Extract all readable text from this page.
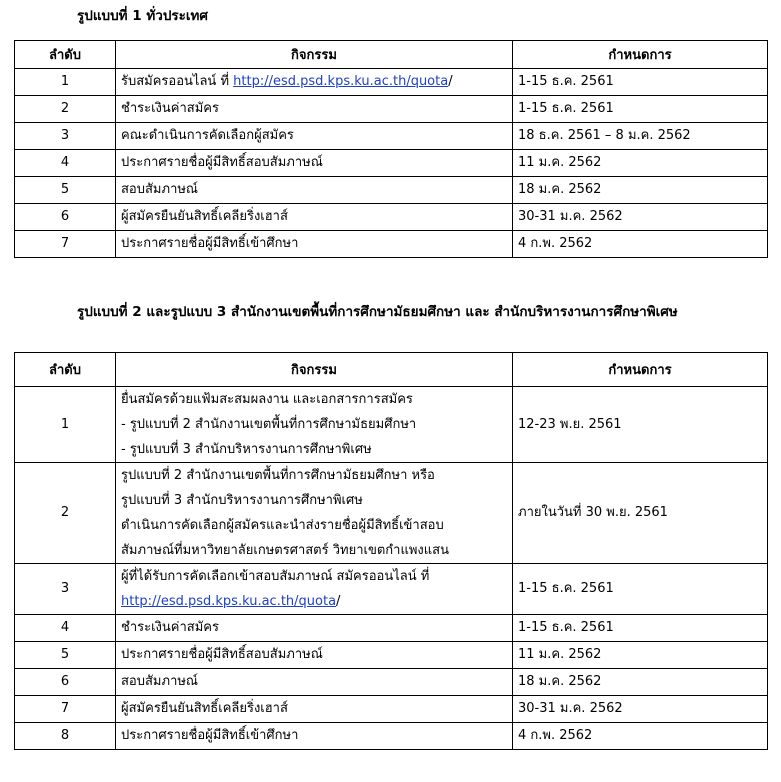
รูปแบบที่ 1 ทั่วประเทศ
ลำดับ	กิจกรรม	กำหนดการ
1	รับสมัครออนไลน์ ที่ http://esd.psd.kps.ku.ac.th/quota/	1-15 ธ.ค. 2561
2	ชำระเงินค่าสมัคร	1-15 ธ.ค. 2561
3	คณะดำเนินการคัดเลือกผู้สมัคร	18 ธ.ค. 2561 – 8 ม.ค. 2562
4	ประกาศรายชื่อผู้มีสิทธิ์สอบสัมภาษณ์	11 ม.ค. 2562
5	สอบสัมภาษณ์	18 ม.ค. 2562
6	ผู้สมัครยืนยันสิทธิ์เคลียริ่งเฮาส์	30-31 ม.ค. 2562
7	ประกาศรายชื่อผู้มีสิทธิ์เข้าศึกษา	4 ก.พ. 2562
รูปแบบที่ 2 และรูปแบบ 3 สำนักงานเขตพื้นที่การศึกษามัธยมศึกษา และ สำนักบริหารงานการศึกษาพิเศษ
ลำดับ	กิจกรรม	กำหนดการ
1	ยื่นสมัครด้วยแฟ้มสะสมผลงาน และเอกสารการสมัคร
- รูปแบบที่ 2 สำนักงานเขตพื้นที่การศึกษามัธยมศึกษา
- รูปแบบที่ 3 สำนักบริหารงานการศึกษาพิเศษ	12-23 พ.ย. 2561
2	รูปแบบที่ 2 สำนักงานเขตพื้นที่การศึกษามัธยมศึกษา หรือ
รูปแบบที่ 3 สำนักบริหารงานการศึกษาพิเศษ
ดำเนินการคัดเลือกผู้สมัครและนำส่งรายชื่อผู้มีสิทธิ์เข้าสอบ
สัมภาษณ์ที่มหาวิทยาลัยเกษตรศาสตร์ วิทยาเขตกำแพงแสน	ภายในวันที่ 30 พ.ย. 2561
3	ผู้ที่ได้รับการคัดเลือกเข้าสอบสัมภาษณ์ สมัครออนไลน์ ที่
http://esd.psd.kps.ku.ac.th/quota/	1-15 ธ.ค. 2561
4	ชำระเงินค่าสมัคร	1-15 ธ.ค. 2561
5	ประกาศรายชื่อผู้มีสิทธิ์สอบสัมภาษณ์	11 ม.ค. 2562
6	สอบสัมภาษณ์	18 ม.ค. 2562
7	ผู้สมัครยืนยันสิทธิ์เคลียริ่งเฮาส์	30-31 ม.ค. 2562
8	ประกาศรายชื่อผู้มีสิทธิ์เข้าศึกษา	4 ก.พ. 2562
